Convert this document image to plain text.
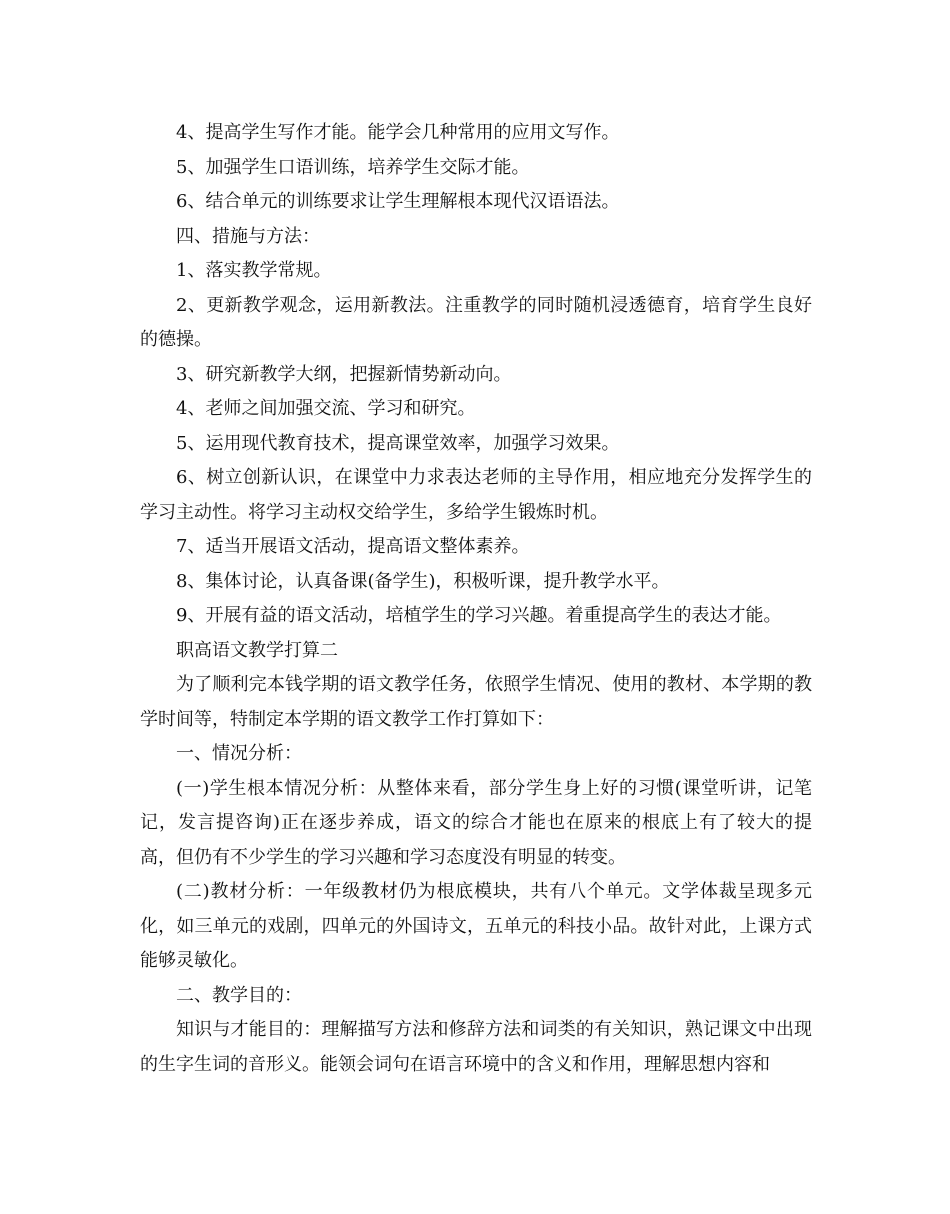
4、提高学生写作才能。能学会几种常用的应用文写作。

5、加强学生口语训练，培养学生交际才能。

6、结合单元的训练要求让学生理解根本现代汉语语法。

四、措施与方法：

1、落实教学常规。

2、更新教学观念，运用新教法。注重教学的同时随机浸透德育，培育学生良好的德操。

3、研究新教学大纲，把握新情势新动向。

4、老师之间加强交流、学习和研究。

5、运用现代教育技术，提高课堂效率，加强学习效果。

6、树立创新认识，在课堂中力求表达老师的主导作用，相应地充分发挥学生的学习主动性。将学习主动权交给学生，多给学生锻炼时机。

7、适当开展语文活动，提高语文整体素养。

8、集体讨论，认真备课(备学生)，积极听课，提升教学水平。

9、开展有益的语文活动，培植学生的学习兴趣。着重提高学生的表达才能。

职高语文教学打算二

为了顺利完本钱学期的语文教学任务，依照学生情况、使用的教材、本学期的教学时间等，特制定本学期的语文教学工作打算如下：

一、情况分析：

(一)学生根本情况分析：从整体来看，部分学生身上好的习惯(课堂听讲，记笔记，发言提咨询)正在逐步养成，语文的综合才能也在原来的根底上有了较大的提高，但仍有不少学生的学习兴趣和学习态度没有明显的转变。

(二)教材分析：一年级教材仍为根底模块，共有八个单元。文学体裁呈现多元化，如三单元的戏剧，四单元的外国诗文，五单元的科技小品。故针对此，上课方式能够灵敏化。

二、教学目的：

知识与才能目的：理解描写方法和修辞方法和词类的有关知识，熟记课文中出现的生字生词的音形义。能领会词句在语言环境中的含义和作用，理解思想内容和
